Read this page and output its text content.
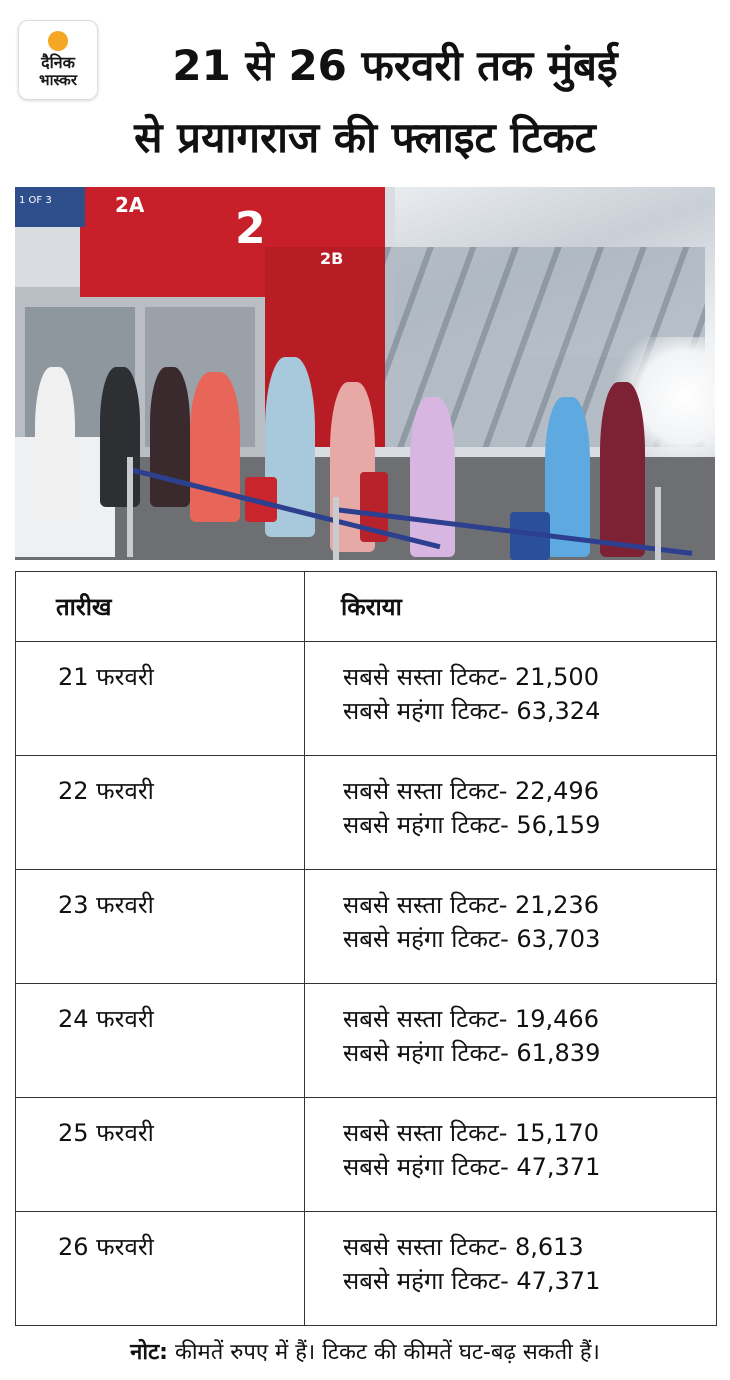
दैनिक
भास्कर	21 से 26 फरवरी तक मुंबई
से प्रयागराज की फ्लाइट टिकट
1 OF 3	2A 2
2B
तारीख	किराया

21 फरवरी	सबसे सस्ता टिकट- 21,500
सबसे महंगा टिकट- 63,324

22 फरवरी	सबसे सस्ता टिकट- 22,496
सबसे महंगा टिकट- 56,159

23 फरवरी	सबसे सस्ता टिकट- 21,236
सबसे महंगा टिकट- 63,703

24 फरवरी	सबसे सस्ता टिकट- 19,466
सबसे महंगा टिकट- 61,839

25 फरवरी	सबसे सस्ता टिकट- 15,170
सबसे महंगा टिकट- 47,371

26 फरवरी	सबसे सस्ता टिकट- 8,613
सबसे महंगा टिकट- 47,371
नोट: कीमतें रुपए में हैं। टिकट की कीमतें घट-बढ़ सकती हैं।
